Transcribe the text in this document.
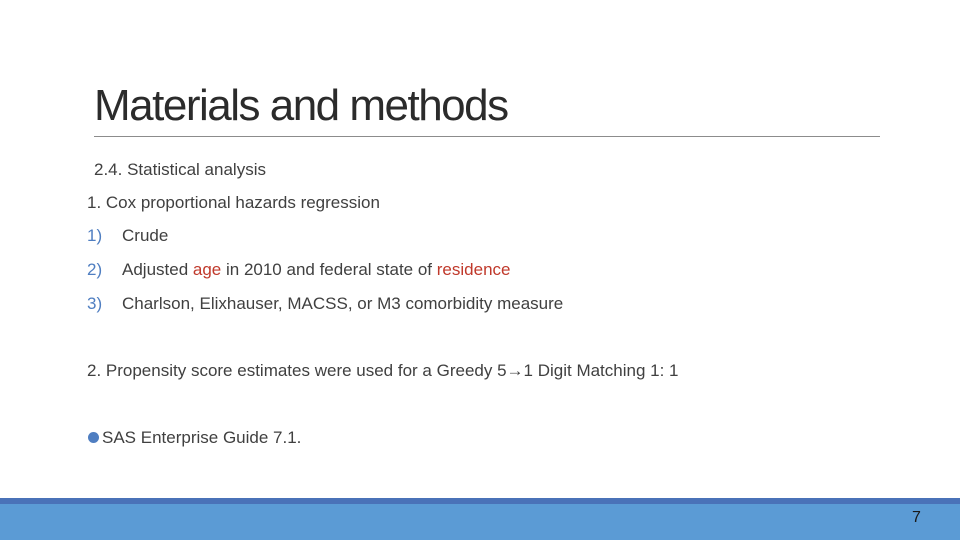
Materials and methods
2.4. Statistical analysis
1. Cox proportional hazards regression
1) Crude
2) Adjusted age in 2010 and federal state of residence
3) Charlson, Elixhauser, MACSS, or M3 comorbidity measure
2. Propensity score estimates were used for a Greedy 5→1 Digit Matching 1: 1
SAS Enterprise Guide 7.1.
7
